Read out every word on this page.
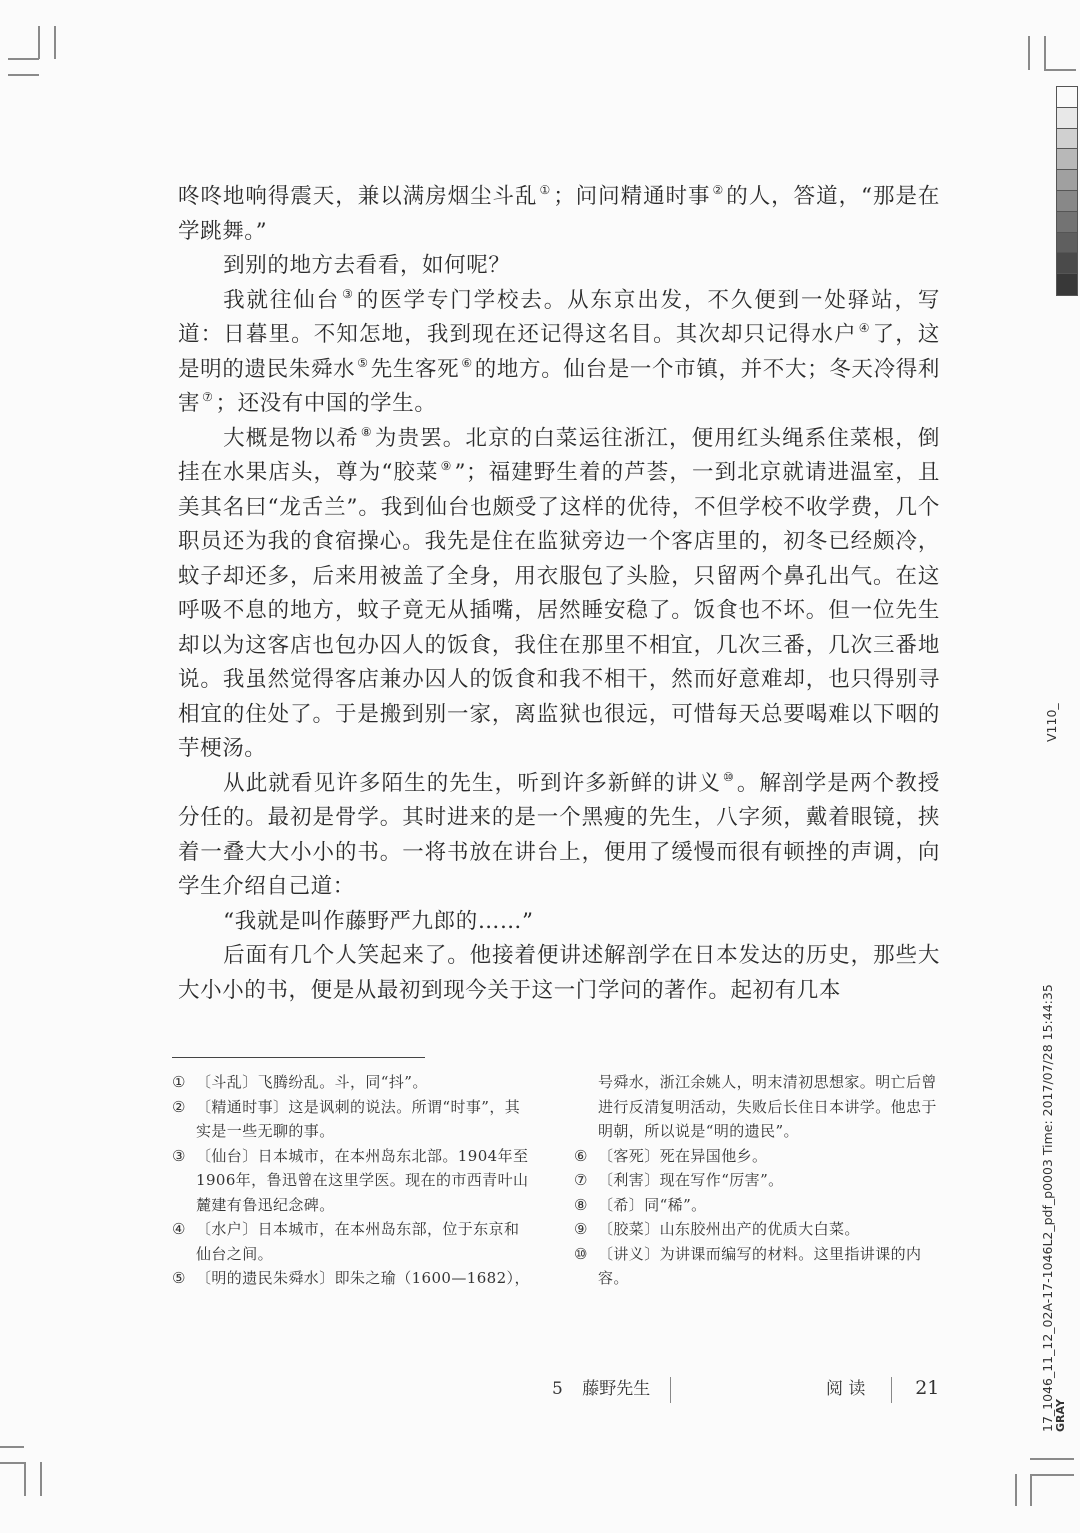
咚咚地响得震天，兼以满房烟尘斗乱 ①；问问精通时事 ②的人，答道，“那是在学跳舞。”

到别的地方去看看，如何呢？

我就往仙台 ③的医学专门学校去。从东京出发，不久便到一处驿站，写道：日暮里。不知怎地，我到现在还记得这名目。其次却只记得水户 ④了，这是明的遗民朱舜水 ⑤先生客死 ⑥的地方。仙台是一个市镇，并不大；冬天冷得利害 ⑦；还没有中国的学生。

大概是物以希 ⑧为贵罢。北京的白菜运往浙江，便用红头绳系住菜根，倒挂在水果店头，尊为“胶菜 ⑨”；福建野生着的芦荟，一到北京就请进温室，且美其名曰“龙舌兰”。我到仙台也颇受了这样的优待，不但学校不收学费，几个职员还为我的食宿操心。我先是住在监狱旁边一个客店里的，初冬已经颇冷，蚊子却还多，后来用被盖了全身，用衣服包了头脸，只留两个鼻孔出气。在这呼吸不息的地方，蚊子竟无从插嘴，居然睡安稳了。饭食也不坏。但一位先生却以为这客店也包办囚人的饭食，我住在那里不相宜，几次三番，几次三番地说。我虽然觉得客店兼办囚人的饭食和我不相干，然而好意难却，也只得别寻相宜的住处了。于是搬到别一家，离监狱也很远，可惜每天总要喝难以下咽的芋梗汤。

从此就看见许多陌生的先生，听到许多新鲜的讲义 ⑩。解剖学是两个教授分任的。最初是骨学。其时进来的是一个黑瘦的先生，八字须，戴着眼镜，挟着一叠大大小小的书。一将书放在讲台上，便用了缓慢而很有顿挫的声调，向学生介绍自己道：

“我就是叫作藤野严九郎的……”

后面有几个人笑起来了。他接着便讲述解剖学在日本发达的历史，那些大大小小的书，便是从最初到现今关于这一门学问的著作。起初有几本

① 〔斗乱〕飞腾纷乱。斗，同“抖”。
② 〔精通时事〕这是讽刺的说法。所谓“时事”，其实是一些无聊的事。
③ 〔仙台〕日本城市，在本州岛东北部。1904年至1906年，鲁迅曾在这里学医。现在的市西青叶山麓建有鲁迅纪念碑。
④ 〔水户〕日本城市，在本州岛东部，位于东京和仙台之间。
⑤ 〔明的遗民朱舜水〕即朱之瑜（1600—1682），
号舜水，浙江余姚人，明末清初思想家。明亡后曾进行反清复明活动，失败后长住日本讲学。他忠于明朝，所以说是“明的遗民”。
⑥ 〔客死〕死在异国他乡。
⑦ 〔利害〕现在写作“厉害”。
⑧ 〔希〕同“稀”。
⑨ 〔胶菜〕山东胶州出产的优质大白菜。
⑩ 〔讲义〕为讲课而编写的材料。这里指讲课的内容。
5 藤野先生	阅 读	21
V110_
17_1046_11_12_02A-17-1046L2_pdf_p0003 Time: 2017/07/28 15:44:35 GRAY
